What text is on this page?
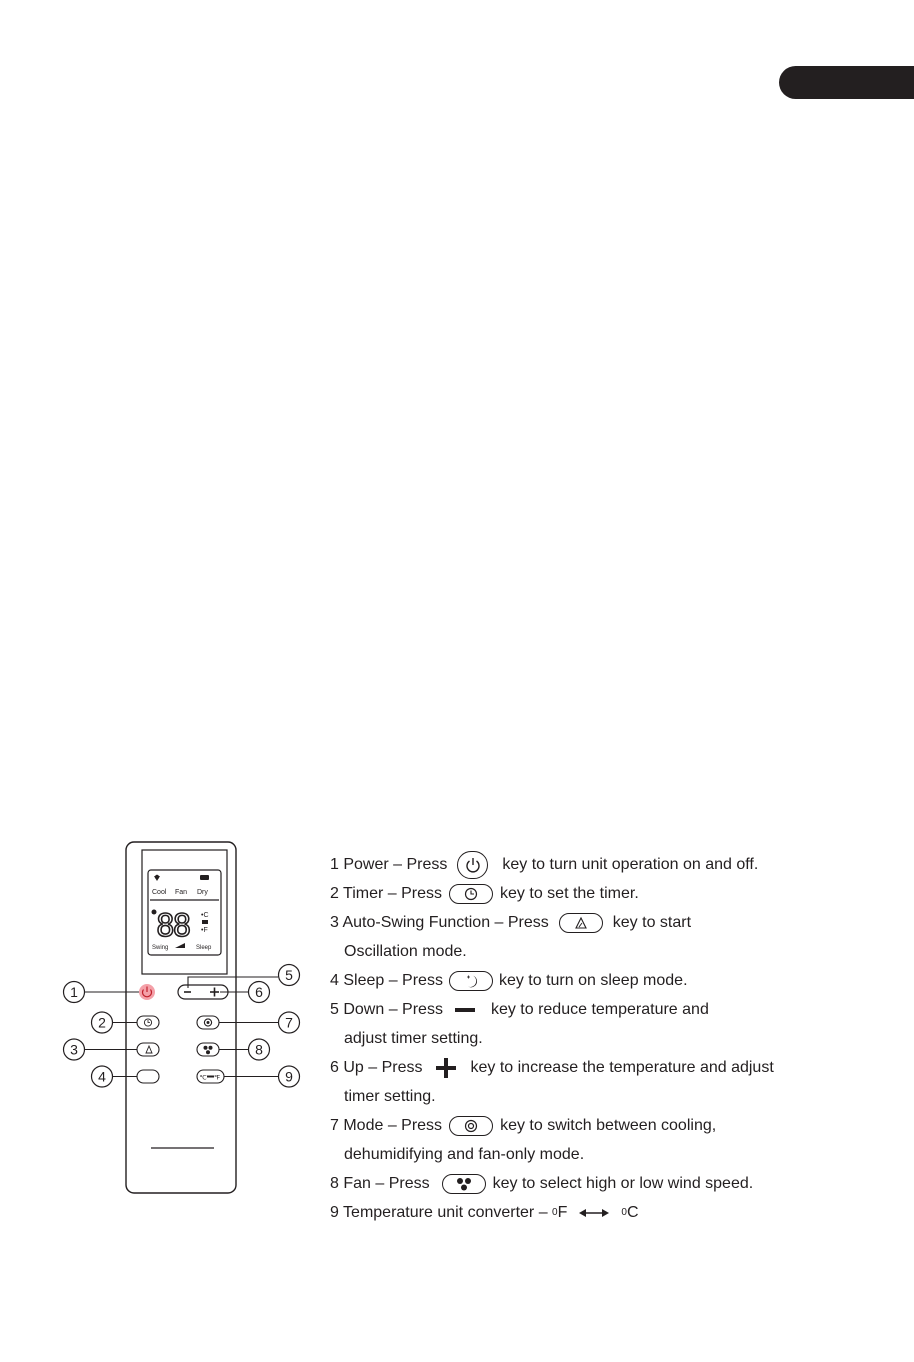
Cool Fan Dry
88 •C
•F
Swing	Sleep
℃ ℉
1
2
3
4
5
6
7
8
9
1 Power – Press	key to turn unit operation on and off.
2 Timer – Press	key to set the timer.
3 Auto-Swing Function – Press	key to start
Oscillation mode.
4 Sleep – Press	key to turn on sleep mode.
5 Down – Press	key to reduce temperature and
adjust timer setting.
6 Up – Press	key to increase the temperature and adjust
timer setting.
7 Mode – Press	key to switch between cooling,
dehumidifying and fan-only mode.
8 Fan – Press	key to select high or low wind speed.
9 Temperature unit converter – 0 F	0 C
